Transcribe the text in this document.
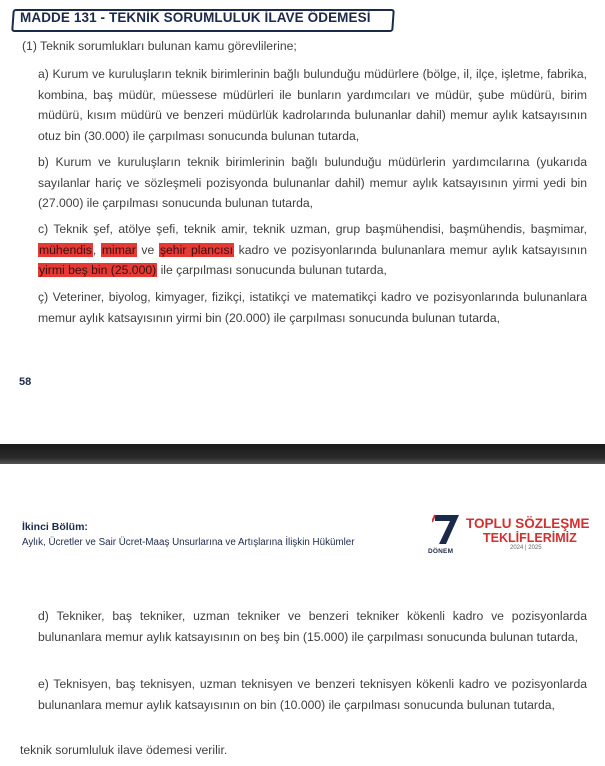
MADDE 131 - TEKNİK SORUMLULUK İLAVE ÖDEMESİ
(1) Teknik sorumlukları bulunan kamu görevlilerine;
a) Kurum ve kuruluşların teknik birimlerinin bağlı bulunduğu müdürlere (bölge, il, ilçe, işletme, fabrika, kombina, baş müdür, müessese müdürleri ile bunların yardımcıları ve müdür, şube müdürü, birim müdürü, kısım müdürü ve benzeri müdürlük kadrolarında bulunanlar dahil) memur aylık katsayısının otuz bin (30.000) ile çarpılması sonucunda bulunan tutarda,
b) Kurum ve kuruluşların teknik birimlerinin bağlı bulunduğu müdürlerin yardımcılarına (yukarıda sayılanlar hariç ve sözleşmeli pozisyonda bulunanlar dahil) memur aylık katsayısının yirmi yedi bin (27.000) ile çarpılması sonucunda bulunan tutarda,
c) Teknik şef, atölye şefi, teknik amir, teknik uzman, grup başmühendisi, başmühendis, başmimar, mühendis, mimar ve şehir plancısı kadro ve pozisyonlarında bulunanlara memur aylık katsayısının yirmi beş bin (25.000) ile çarpılması sonucunda bulunan tutarda,
ç) Veteriner, biyolog, kimyager, fizikçi, istatikçi ve matematikçi kadro ve pozisyonlarında bulunanlara memur aylık katsayısının yirmi bin (20.000) ile çarpılması sonucunda bulunan tutarda,
58
İkinci Bölüm:
Aylık, Ücretler ve Sair Ücret-Maaş Unsurlarına ve Artışlarına İlişkin Hükümler
DÖNEM
TOPLU SÖZLEŞME
TEKLİFLERİMİZ
2024 | 2025
d) Tekniker, baş tekniker, uzman tekniker ve benzeri tekniker kökenli kadro ve pozisyonlarda bulunanlara memur aylık katsayısının on beş bin (15.000) ile çarpılması sonucunda bulunan tutarda,
e) Teknisyen, baş teknisyen, uzman teknisyen ve benzeri teknisyen kökenli kadro ve pozisyonlarda bulunanlara memur aylık katsayısının on bin (10.000) ile çarpılması sonucunda bulunan tutarda,
teknik sorumluluk ilave ödemesi verilir.
